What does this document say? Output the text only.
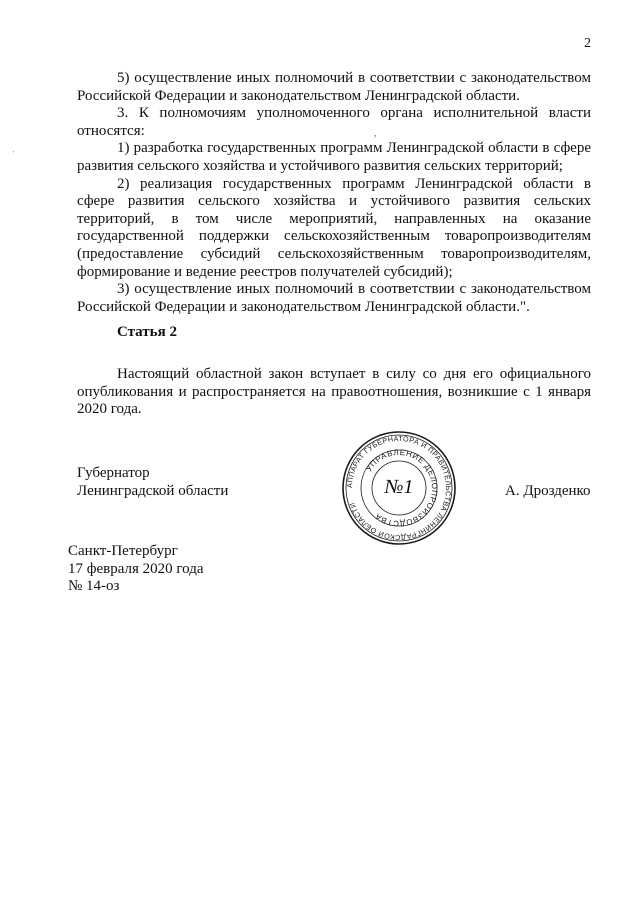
2

5) осуществление иных полномочий в соответствии с законодательством Российской Федерации и законодательством Ленинградской области.

3. К полномочиям уполномоченного органа исполнительной власти относятся:

1) разработка государственных программ Ленинградской области в сфере развития сельского хозяйства и устойчивого развития сельских территорий;

2) реализация государственных программ Ленинградской области в сфере развития сельского хозяйства и устойчивого развития сельских территорий, в том числе мероприятий, направленных на оказание государственной поддержки сельскохозяйственным товаропроизводителям (предоставление субсидий сельскохозяйственным товаропроизводителям, формирование и ведение реестров получателей субсидий);

3) осуществление иных полномочий в соответствии с законодательством Российской Федерации и законодательством Ленинградской области.".

Статья 2

Настоящий областной закон вступает в силу со дня его официального опубликования и распространяется на правоотношения, возникшие с 1 января 2020 года.

Губернатор
Ленинградской области	А. Дрозденко
АППАРАТ ГУБЕРНАТОРА И ПРАВИТЕЛЬСТВА ЛЕНИНГРАДСКОЙ ОБЛАСТИ
УПРАВЛЕНИЕ ДЕЛОПРОИЗВОДСТВА
№1
Санкт-Петербург
17 февраля 2020 года
№ 14-оз
,
ˈ
